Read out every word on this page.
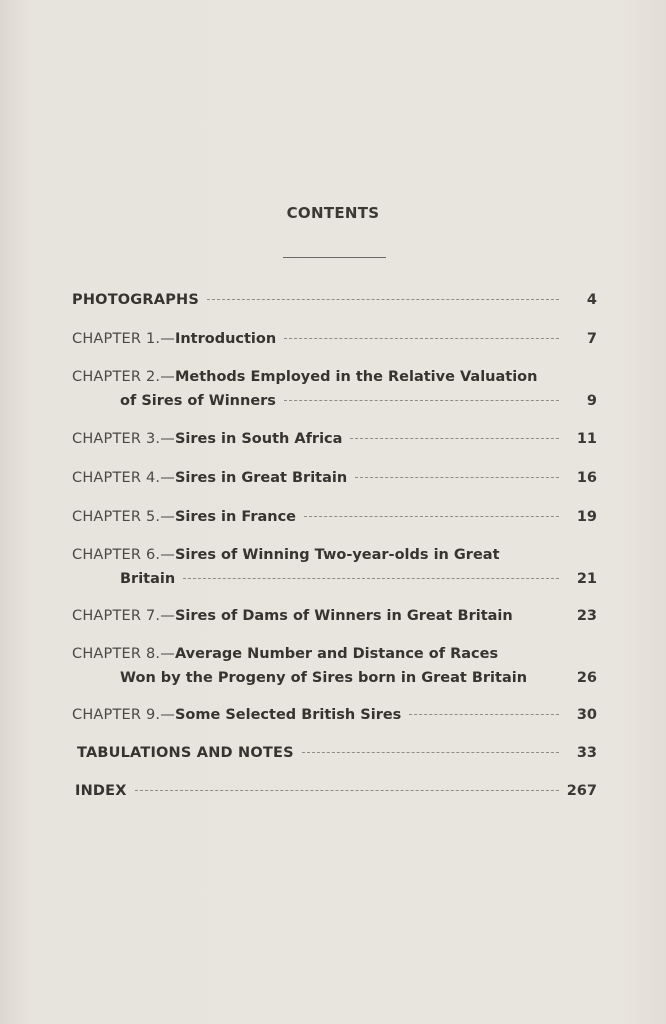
CONTENTS
PHOTOGRAPHS	4
CHAPTER 1.— Introduction	7
CHAPTER 2.— Methods Employed in the Relative Valuation
of Sires of Winners	9
CHAPTER 3.— Sires in South Africa	11
CHAPTER 4.— Sires in Great Britain	16
CHAPTER 5.— Sires in France	19
CHAPTER 6.— Sires of Winning Two-year-olds in Great
Britain	21
CHAPTER 7.— Sires of Dams of Winners in Great Britain	23
CHAPTER 8.— Average Number and Distance of Races
Won by the Progeny of Sires born in Great Britain	26
CHAPTER 9.— Some Selected British Sires	30
TABULATIONS AND NOTES	33
INDEX	267
